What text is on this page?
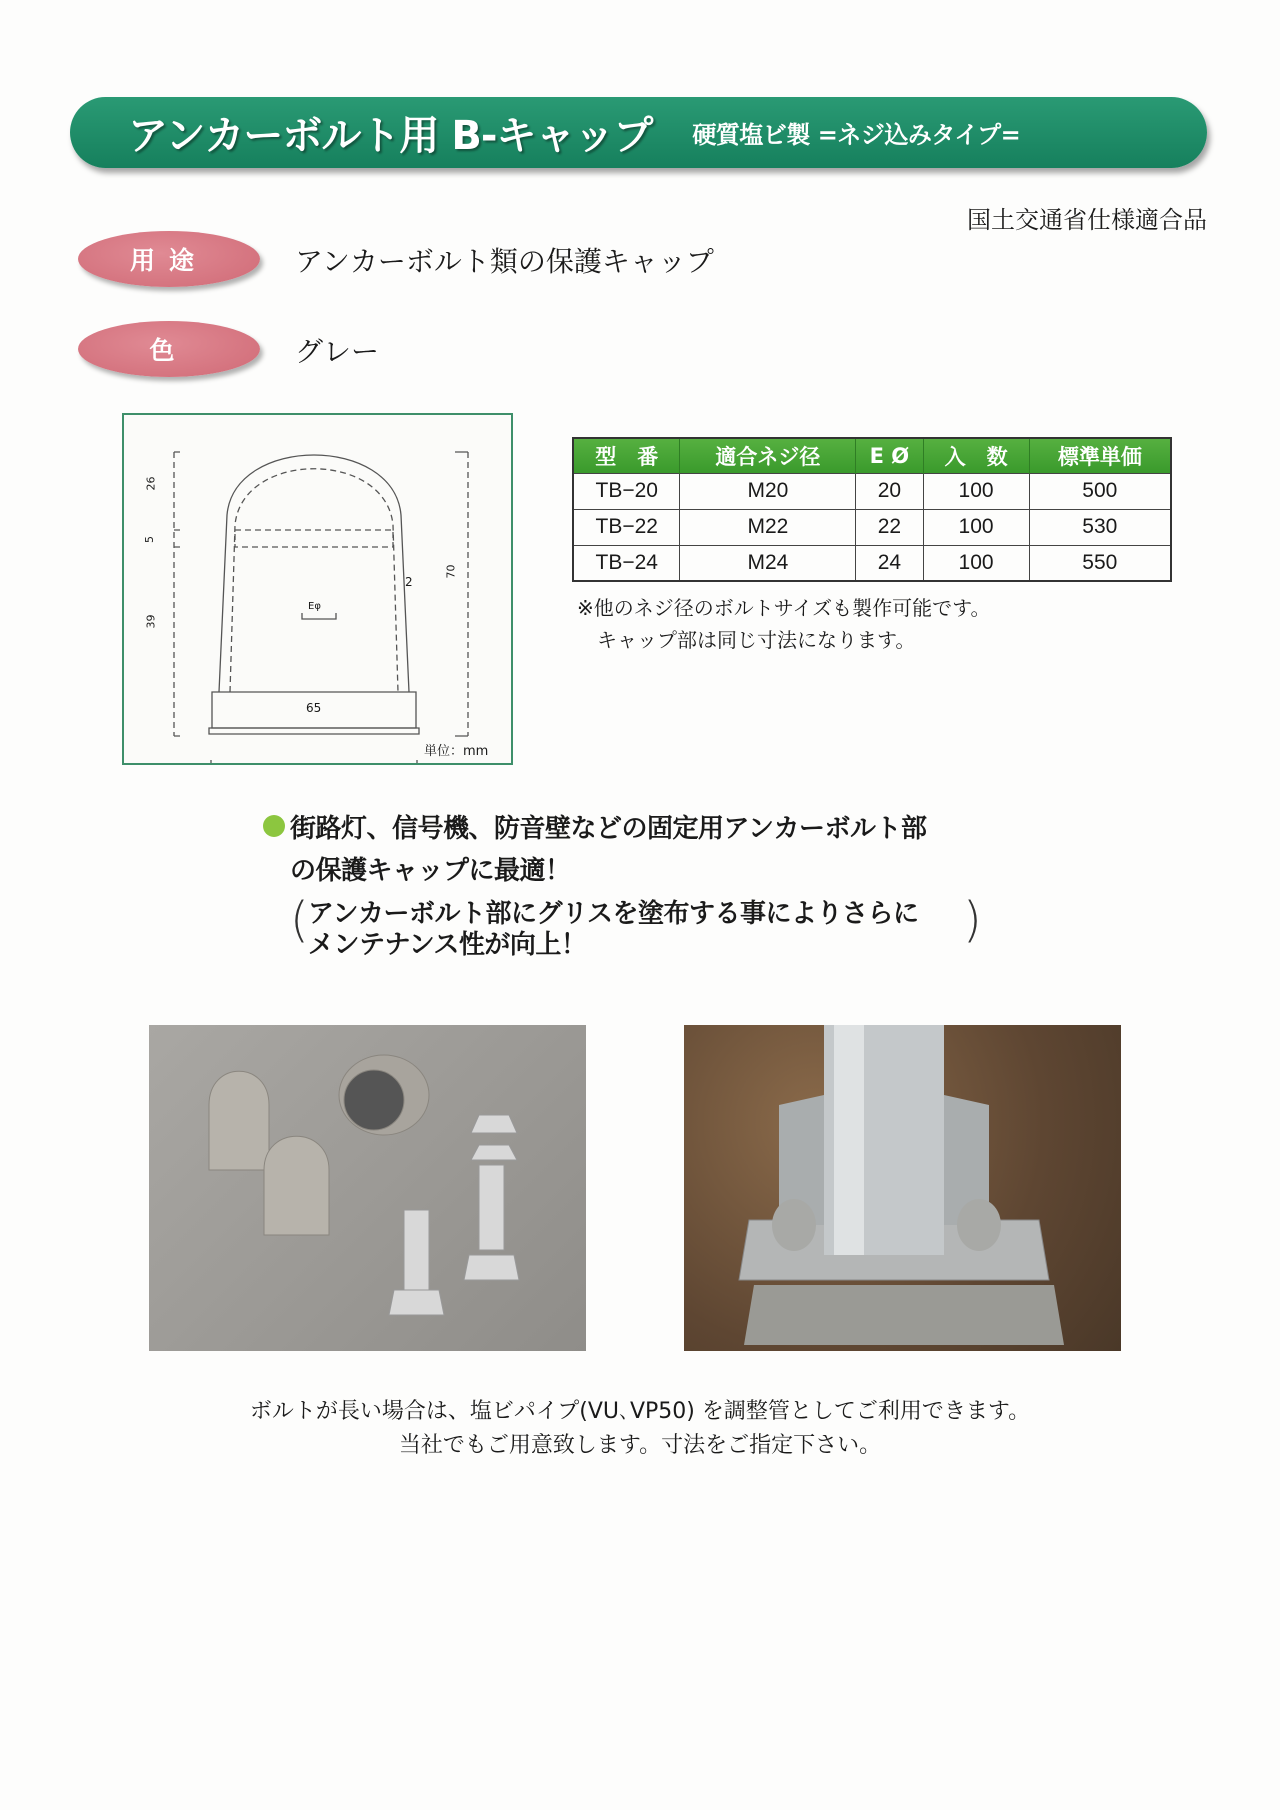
アンカーボルト用 B-キャップ 硬質塩ビ製 =ネジ込みタイプ=
国土交通省仕様適合品
用途	アンカーボルト類の保護キャップ
色	グレー
26
5
39
70
65
2
Eφ
単位：mm
型　番	適合ネジ径	E Ø	入　数	標準単価
TB−20	M20	20	100	500
TB−22	M22	22	100	530
TB−24	M24	24	100	550
※他のネジ径のボルトサイズも製作可能です。
キャップ部は同じ寸法になります。
街路灯、信号機、防音壁などの固定用アンカーボルト部
の保護キャップに最適！
(	)
アンカーボルト部にグリスを塗布する事によりさらに
メンテナンス性が向上！
ボルトが長い場合は、塩ビパイプ(VU､VP50) を調整管としてご利用できます。
当社でもご用意致します。寸法をご指定下さい。
